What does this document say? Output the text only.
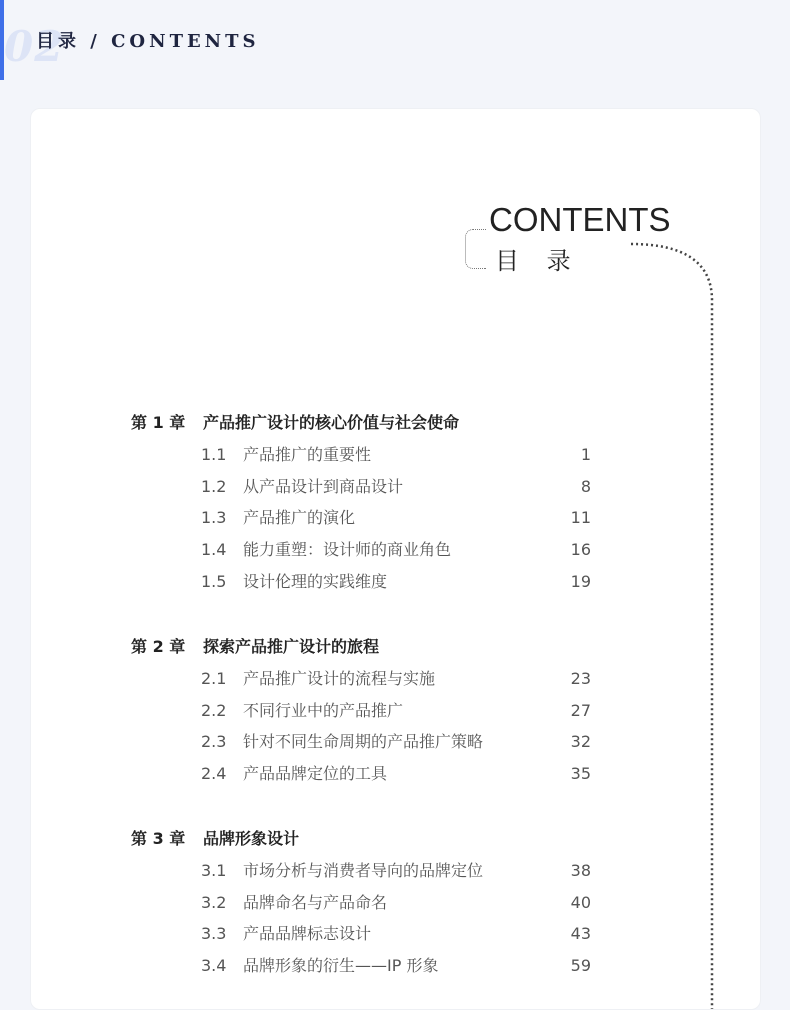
02
目录 / CONTENTS
CONTENTS
目 录
第 1 章 产品推广设计的核心价值与社会使命
1.1 产品推广的重要性	1
1.2 从产品设计到商品设计	8
1.3 产品推广的演化	11
1.4 能力重塑：设计师的商业角色	16
1.5 设计伦理的实践维度	19
第 2 章 探索产品推广设计的旅程
2.1 产品推广设计的流程与实施	23
2.2 不同行业中的产品推广	27
2.3 针对不同生命周期的产品推广策略	32
2.4 产品品牌定位的工具	35
第 3 章 品牌形象设计
3.1 市场分析与消费者导向的品牌定位	38
3.2 品牌命名与产品命名	40
3.3 产品品牌标志设计	43
3.4 品牌形象的衍生——IP 形象	59
